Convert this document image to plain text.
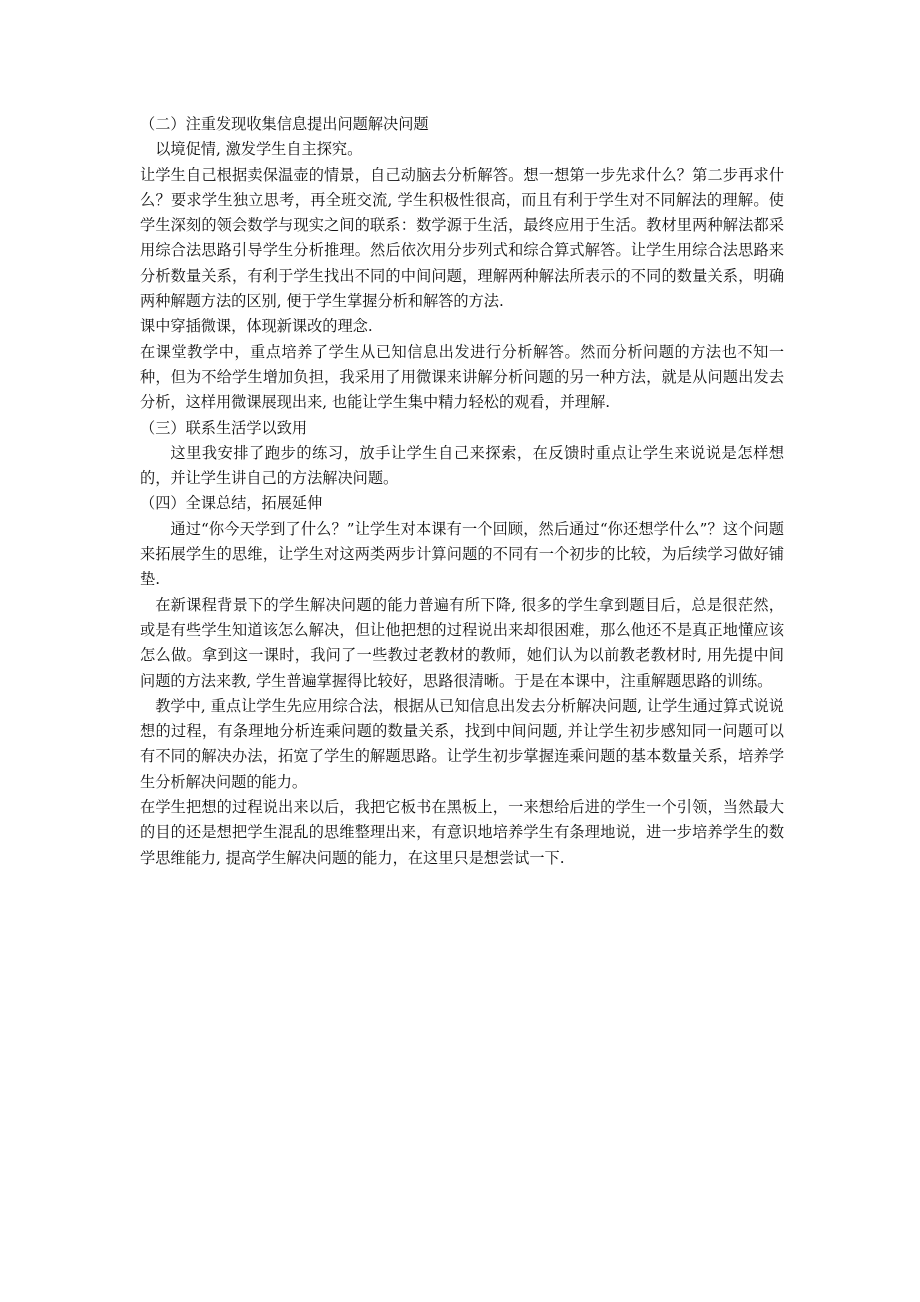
（二）注重发现收集信息提出问题解决问题

以境促情, 激发学生自主探究。

让学生自己根据卖保温壶的情景，自己动脑去分析解答。想一想第一步先求什么？第二步再求什么？要求学生独立思考，再全班交流, 学生积极性很高，而且有利于学生对不同解法的理解。使学生深刻的领会数学与现实之间的联系：数学源于生活，最终应用于生活。教材里两种解法都采用综合法思路引导学生分析推理。然后依次用分步列式和综合算式解答。让学生用综合法思路来分析数量关系，有利于学生找出不同的中间问题，理解两种解法所表示的不同的数量关系，明确两种解题方法的区别, 便于学生掌握分析和解答的方法.

课中穿插微课，体现新课改的理念.

在课堂教学中，重点培养了学生从已知信息出发进行分析解答。然而分析问题的方法也不知一种，但为不给学生增加负担，我采用了用微课来讲解分析问题的另一种方法，就是从问题出发去分析，这样用微课展现出来, 也能让学生集中精力轻松的观看，并理解.

（三）联系生活学以致用

这里我安排了跑步的练习，放手让学生自己来探索，在反馈时重点让学生来说说是怎样想的，并让学生讲自己的方法解决问题。

（四）全课总结，拓展延伸

通过“你今天学到了什么？”让学生对本课有一个回顾，然后通过“你还想学什么”？这个问题来拓展学生的思维，让学生对这两类两步计算问题的不同有一个初步的比较，为后续学习做好铺垫.

在新课程背景下的学生解决问题的能力普遍有所下降, 很多的学生拿到题目后，总是很茫然，或是有些学生知道该怎么解决，但让他把想的过程说出来却很困难，那么他还不是真正地懂应该怎么做。拿到这一课时，我问了一些教过老教材的教师，她们认为以前教老教材时, 用先提中间问题的方法来教, 学生普遍掌握得比较好，思路很清晰。于是在本课中，注重解题思路的训练。

教学中, 重点让学生先应用综合法，根据从已知信息出发去分析解决问题, 让学生通过算式说说想的过程，有条理地分析连乘问题的数量关系，找到中间问题, 并让学生初步感知同一问题可以有不同的解决办法，拓宽了学生的解题思路。让学生初步掌握连乘问题的基本数量关系，培养学生分析解决问题的能力。

在学生把想的过程说出来以后，我把它板书在黑板上，一来想给后进的学生一个引领，当然最大的目的还是想把学生混乱的思维整理出来，有意识地培养学生有条理地说，进一步培养学生的数学思维能力, 提高学生解决问题的能力，在这里只是想尝试一下.
